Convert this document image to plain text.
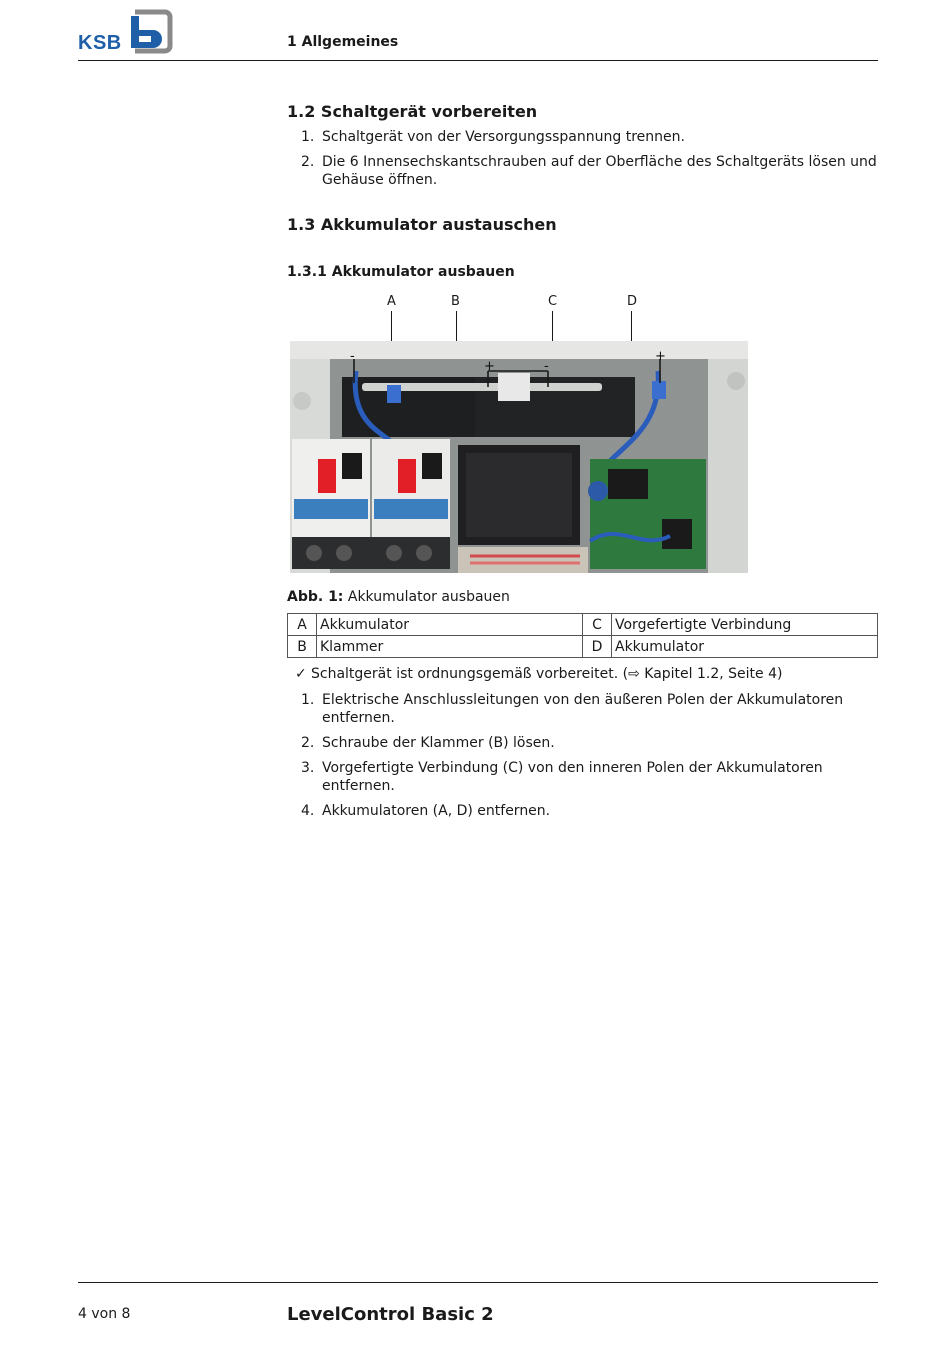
KSB	1 Allgemeines
1.2 Schaltgerät vorbereiten
1. Schaltgerät von der Versorgungsspannung trennen.
2. Die 6 Innensechskantschrauben auf der Oberfläche des Schaltgeräts lösen und Gehäuse öffnen.
1.3 Akkumulator austauschen
1.3.1 Akkumulator ausbauen
A	B	C	D
-
+	-
+
Abb. 1: Akkumulator ausbauen
A	Akkumulator	C	Vorgefertigte Verbindung
B	Klammer	D	Akkumulator
✓ Schaltgerät ist ordnungsgemäß vorbereitet. (⇨ Kapitel 1.2, Seite 4)
1. Elektrische Anschlussleitungen von den äußeren Polen der Akkumulatoren entfernen.
2. Schraube der Klammer (B) lösen.
3. Vorgefertigte Verbindung (C) von den inneren Polen der Akkumulatoren entfernen.
4. Akkumulatoren (A, D) entfernen.
4 von 8	LevelControl Basic 2
